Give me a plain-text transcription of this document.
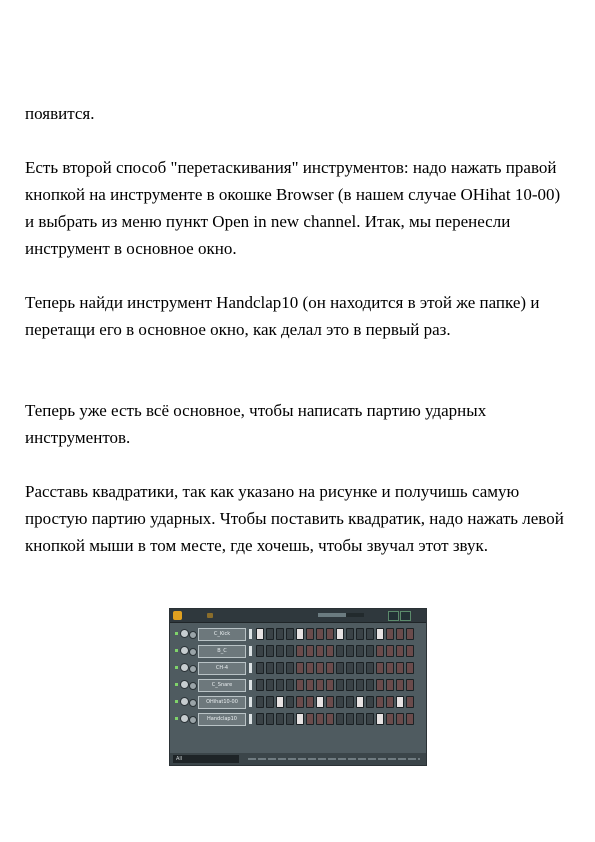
появится.

Есть второй способ "перетаскивания" инструментов: надо нажать правой кнопкой на инструменте в окошке Browser (в нашем случае OHihat 10-00) и выбрать из меню пункт Open in new channel. Итак, мы перенесли инструмент в основное окно.

Теперь найди инструмент Handclap10 (он находится в этой же папке) и перетащи его в основное окно, как делал это в первый раз.

Теперь уже есть всё основное, чтобы написать партию ударных инструментов.

Расставь квадратики, так как указано на рисунке и получишь самую простую партию ударных. Чтобы поставить квадратик, надо нажать левой кнопкой мыши в том месте, где хочешь, чтобы звучал этот звук.

C_Kick
B_C
CH-4
C_Snare
OHihat10-00
Handclap10
All
